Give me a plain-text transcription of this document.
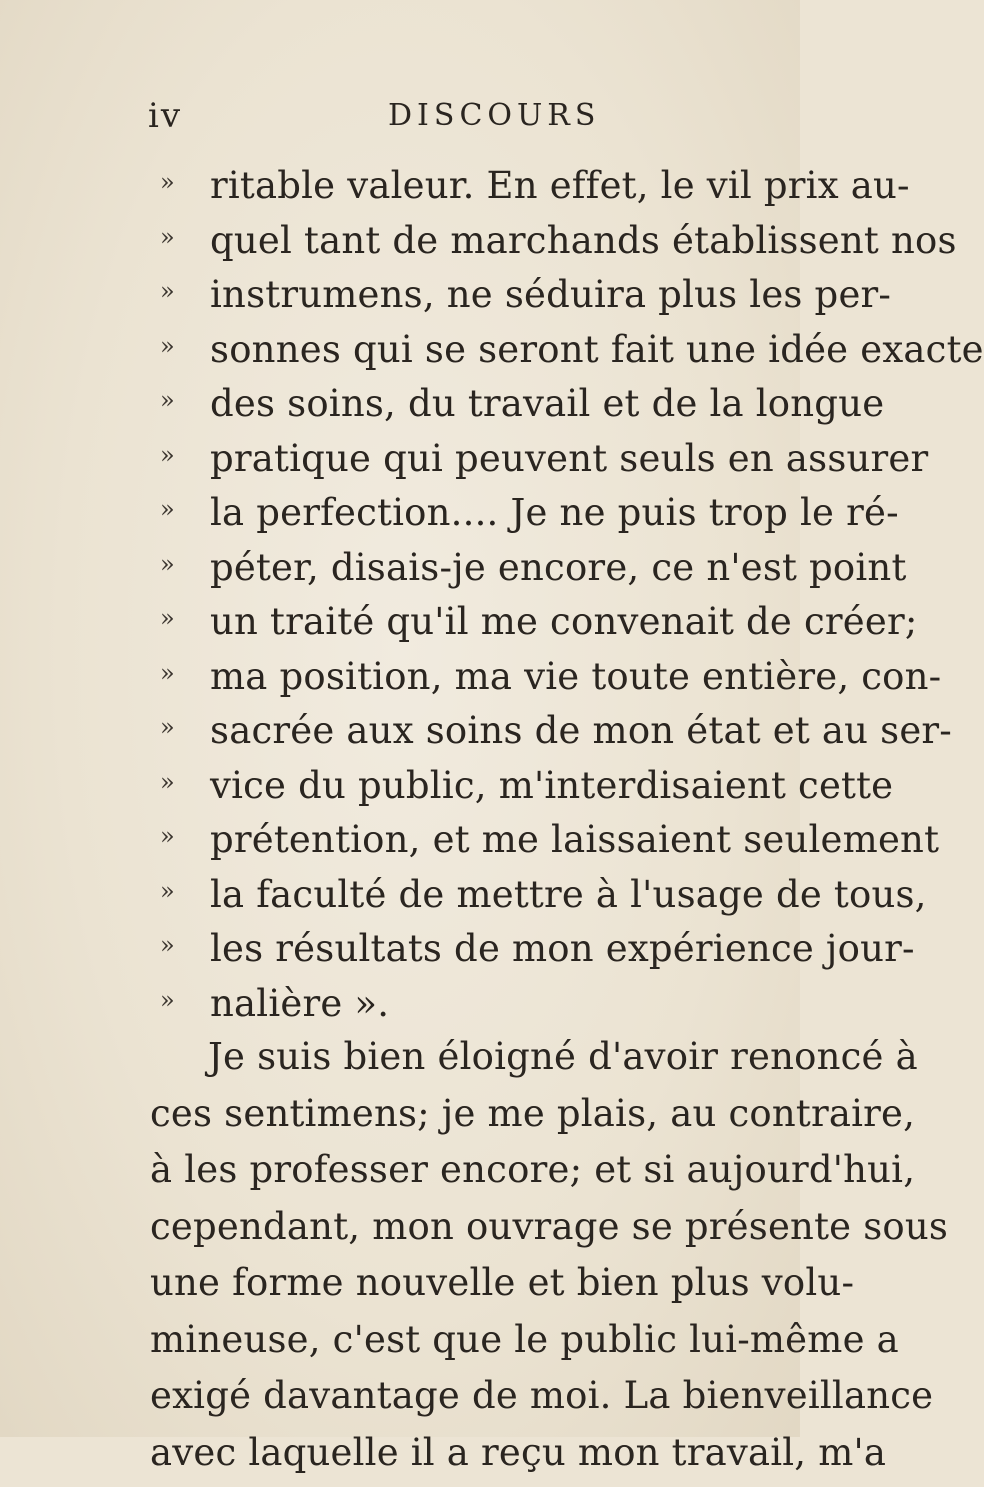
iv	DISCOURS
» ritable valeur. En effet, le vil prix au-
» quel tant de marchands établissent nos
» instrumens, ne séduira plus les per-
» sonnes qui se seront fait une idée exacte
» des soins, du travail et de la longue
» pratique qui peuvent seuls en assurer
» la perfection.... Je ne puis trop le ré-
» péter, disais-je encore, ce n'est point
» un traité qu'il me convenait de créer;
» ma position, ma vie toute entière, con-
» sacrée aux soins de mon état et au ser-
» vice du public, m'interdisaient cette
» prétention, et me laissaient seulement
» la faculté de mettre à l'usage de tous,
» les résultats de mon expérience jour-
» nalière ».
Je suis bien éloigné d'avoir renoncé à
ces sentimens; je me plais, au contraire,
à les professer encore; et si aujourd'hui,
cependant, mon ouvrage se présente sous
une forme nouvelle et bien plus volu-
mineuse, c'est que le public lui-même a
exigé davantage de moi. La bienveillance
avec laquelle il a reçu mon travail, m'a
